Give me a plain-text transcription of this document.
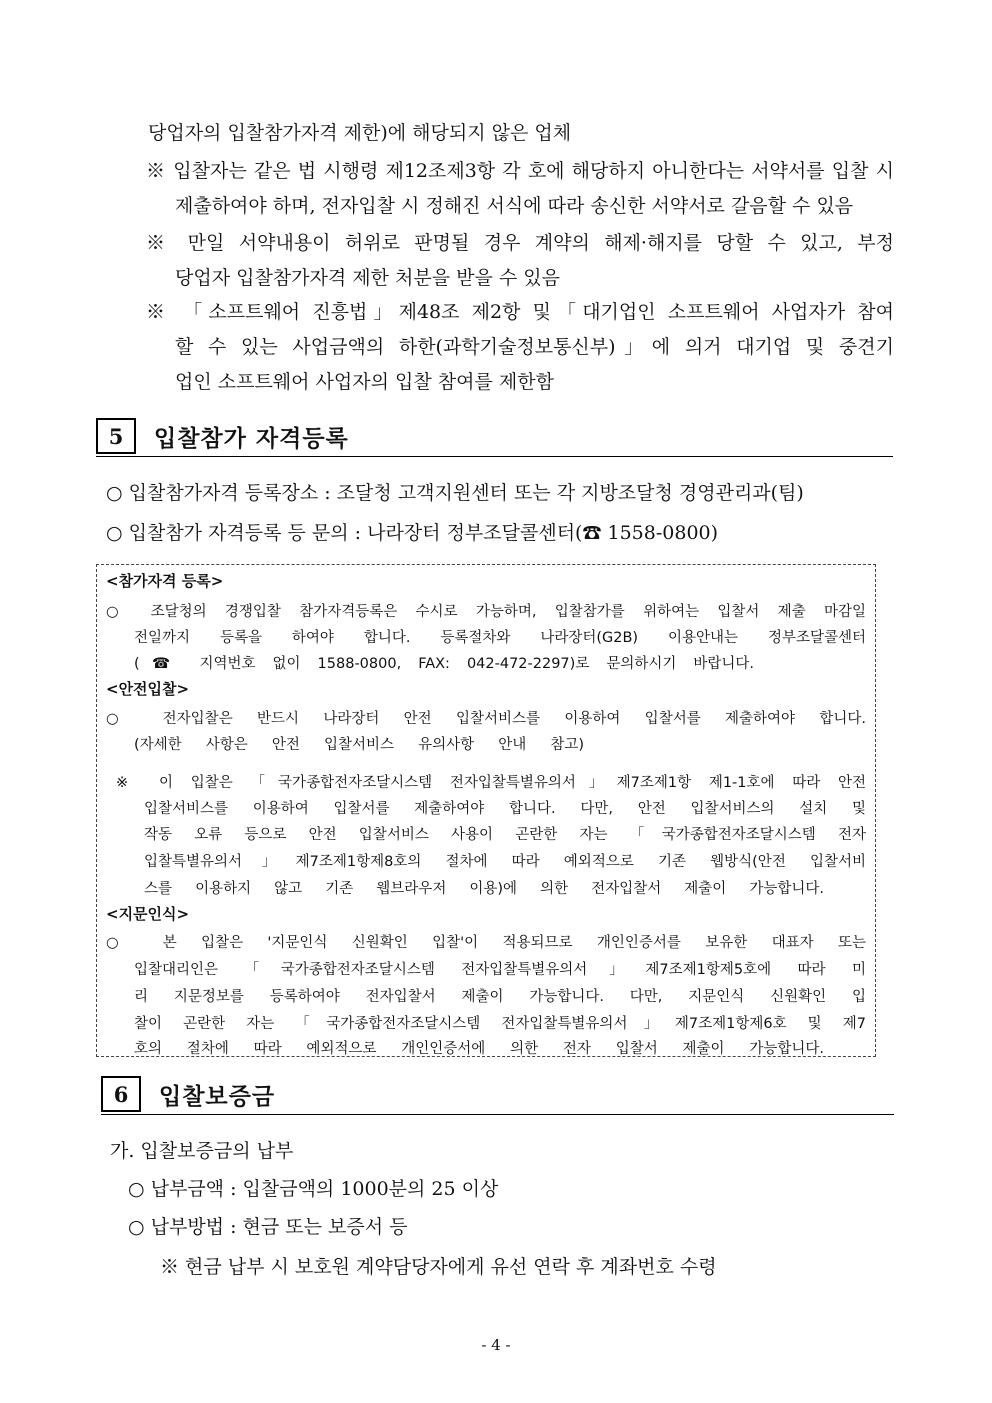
당업자의 입찰참가자격 제한)에 해당되지 않은 업체
※ 입찰자는 같은 법 시행령 제12조제3항 각 호에 해당하지 아니한다는 서약서를 입찰 시
제출하여야 하며, 전자입찰 시 정해진 서식에 따라 송신한 서약서로 갈음할 수 있음
※ 만일 서약내용이 허위로 판명될 경우 계약의 해제·해지를 당할 수 있고, 부정
당업자 입찰참가자격 제한 처분을 받을 수 있음
※ 「소프트웨어 진흥법」제48조 제2항 및「대기업인 소프트웨어 사업자가 참여
할 수 있는 사업금액의 하한(과학기술정보통신부)」에 의거 대기업 및 중견기
업인 소프트웨어 사업자의 입찰 참여를 제한함
5	입찰참가 자격등록
○ 입찰참가자격 등록장소 : 조달청 고객지원센터 또는 각 지방조달청 경영관리과(팀)
○ 입찰참가 자격등록 등 문의 : 나라장터 정부조달콜센터(☎ 1558-0800)
<참가자격 등록>
○ 조달청의 경쟁입찰 참가자격등록은 수시로 가능하며, 입찰참가를 위하여는 입찰서 제출 마감일
전일까지 등록을 하여야 합니다. 등록절차와 나라장터(G2B) 이용안내는 정부조달콜센터
(☎ 지역번호 없이 1588-0800, FAX: 042-472-2297)로 문의하시기 바랍니다.
<안전입찰>
○ 전자입찰은 반드시 나라장터 안전 입찰서비스를 이용하여 입찰서를 제출하여야 합니다.
(자세한 사항은 안전 입찰서비스 유의사항 안내 참고)
※ 이 입찰은 「국가종합전자조달시스템 전자입찰특별유의서」제7조제1항 제1-1호에 따라 안전
입찰서비스를 이용하여 입찰서를 제출하여야 합니다. 다만, 안전 입찰서비스의 설치 및
작동 오류 등으로 안전 입찰서비스 사용이 곤란한 자는 「국가종합전자조달시스템 전자
입찰특별유의서」제7조제1항제8호의 절차에 따라 예외적으로 기존 웹방식(안전 입찰서비
스를 이용하지 않고 기존 웹브라우저 이용)에 의한 전자입찰서 제출이 가능합니다.
<지문인식>
○ 본 입찰은 '지문인식 신원확인 입찰'이 적용되므로 개인인증서를 보유한 대표자 또는
입찰대리인은 「국가종합전자조달시스템 전자입찰특별유의서」제7조제1항제5호에 따라 미
리 지문정보를 등록하여야 전자입찰서 제출이 가능합니다. 다만, 지문인식 신원확인 입
찰이 곤란한 자는 「국가종합전자조달시스템 전자입찰특별유의서」제7조제1항제6호 및 제7
호의 절차에 따라 예외적으로 개인인증서에 의한 전자 입찰서 제출이 가능합니다.
6	입찰보증금
가. 입찰보증금의 납부
○ 납부금액 : 입찰금액의 1000분의 25 이상
○ 납부방법 : 현금 또는 보증서 등
※ 현금 납부 시 보호원 계약담당자에게 유선 연락 후 계좌번호 수령
- 4 -
